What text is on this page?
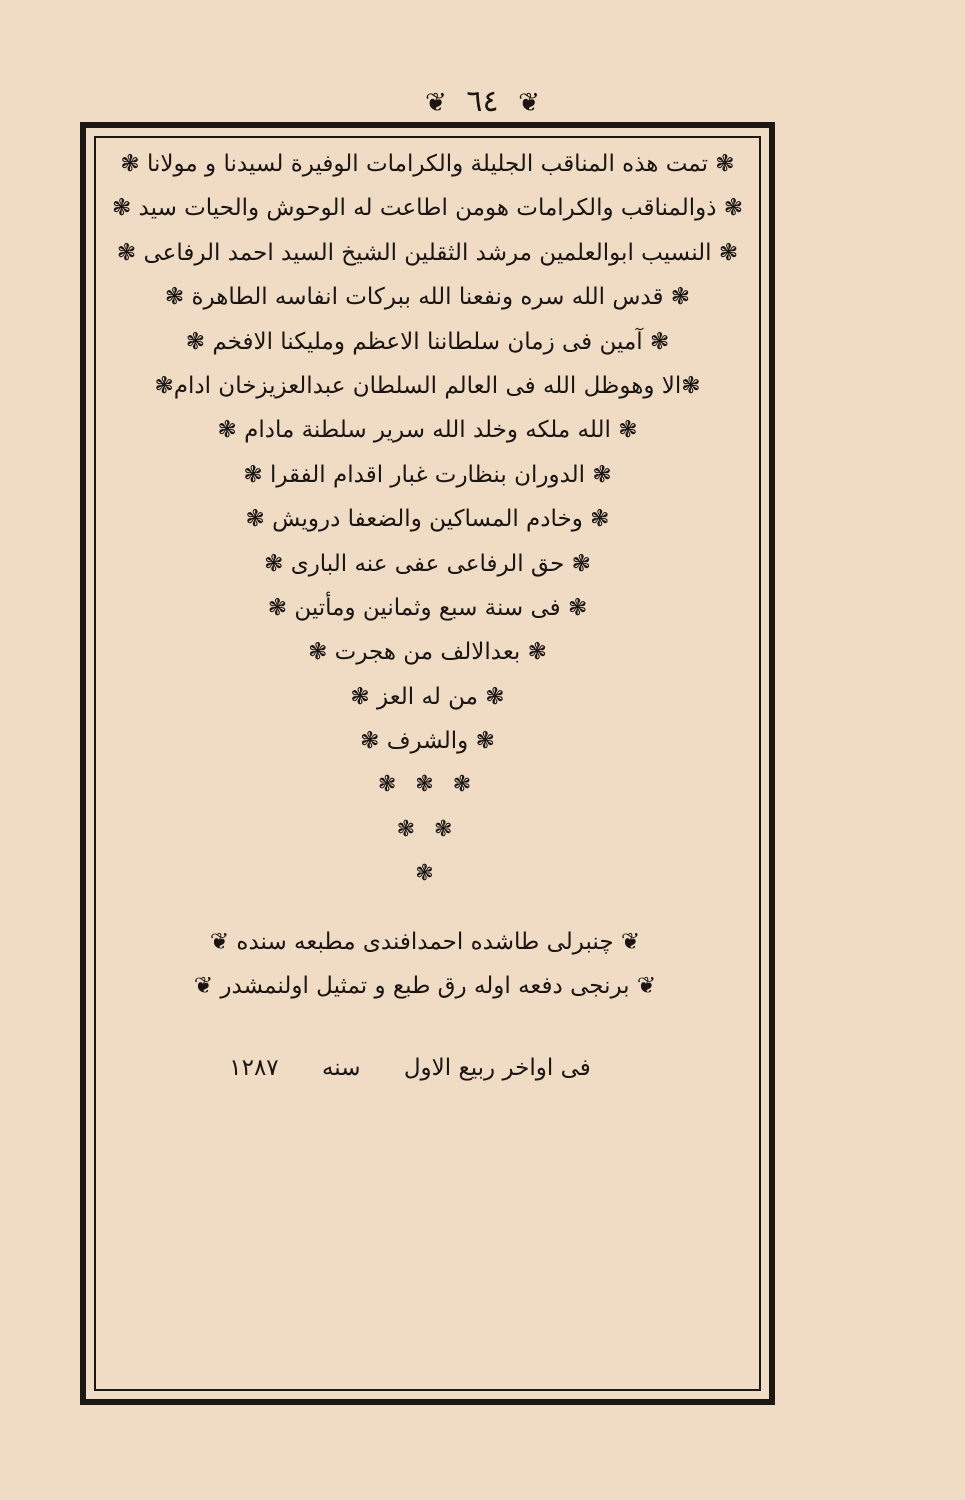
❦ ٦٤ ❦
❃ تمت هذه المناقب الجليلة والكرامات الوفيرة لسيدنا و مولانا ❃
❃ ذوالمناقب والكرامات هومن اطاعت له الوحوش والحيات سيد ❃
❃ النسيب ابوالعلمين مرشد الثقلين الشيخ السيد احمد الرفاعى ❃
❃ قدس الله سره ونفعنا الله ببركات انفاسه الطاهرة ❃
❃ آمين فى زمان سلطاننا الاعظم ومليكنا الافخم ❃
❃الا وهوظل الله فى العالم السلطان عبدالعزيزخان ادام❃
❃ الله ملكه وخلد الله سرير سلطنة مادام ❃
❃ الدوران بنظارت غبار اقدام الفقرا ❃
❃ وخادم المساكين والضعفا درويش ❃
❃ حق الرفاعى عفى عنه البارى ❃
❃ فى سنة سبع وثمانين ومأتين ❃
❃ بعدالالف من هجرت ❃
❃ من له العز ❃
❃ والشرف ❃
❃ ❃ ❃
❃ ❃
❃
❦ چنبرلى طاشده احمدافندى مطبعه سنده ❦
❦ برنجى دفعه اوله رق طبع و تمثيل اولنمشدر ❦
فى اواخر ربيع الاول سنه ١٢٨٧
